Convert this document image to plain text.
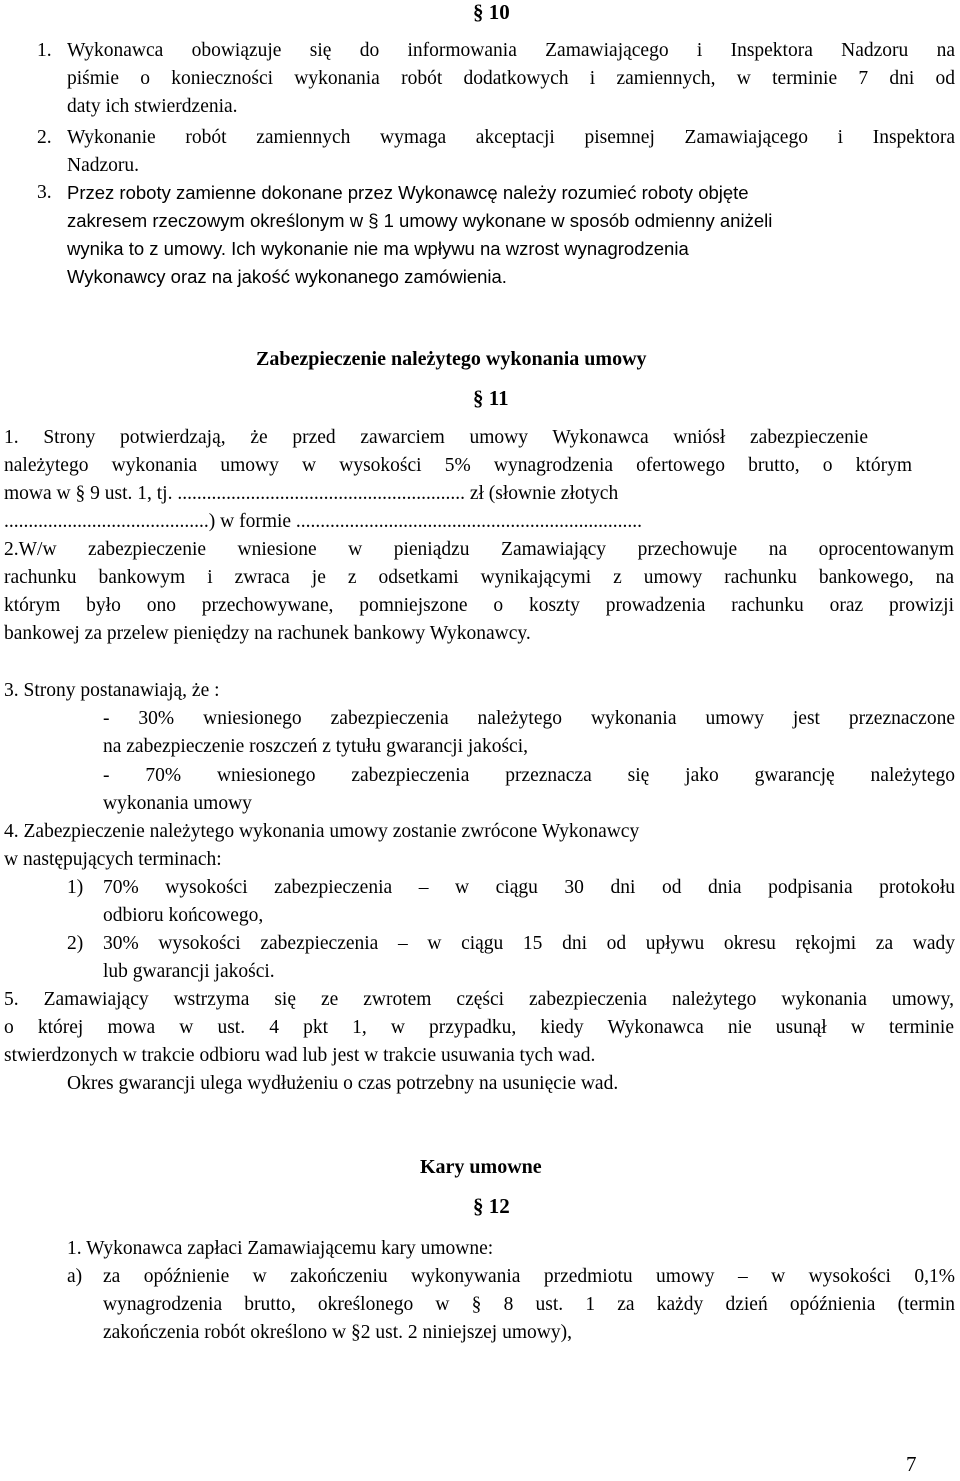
§ 10
1. Wykonawca obowiązuje się do informowania Zamawiającego i Inspektora Nadzoru na
piśmie o konieczności wykonania robót dodatkowych i zamiennych, w terminie 7 dni od
daty ich stwierdzenia.
2. Wykonanie robót zamiennych wymaga akceptacji pisemnej Zamawiającego i Inspektora
Nadzoru.
3. Przez roboty zamienne dokonane przez Wykonawcę należy rozumieć roboty objęte
zakresem rzeczowym określonym w § 1 umowy wykonane w sposób odmienny aniżeli
wynika to z umowy. Ich wykonanie nie ma wpływu na wzrost wynagrodzenia
Wykonawcy oraz na jakość wykonanego zamówienia.
Zabezpieczenie należytego wykonania umowy
§ 11
1. Strony potwierdzają, że przed zawarciem umowy Wykonawca wniósł zabezpieczenie
należytego wykonania umowy w wysokości 5% wynagrodzenia ofertowego brutto, o którym
mowa w § 9 ust. 1, tj. ........................................................... zł (słownie złotych
..........................................) w formie .......................................................................
2.W/w zabezpieczenie wniesione w pieniądzu Zamawiający przechowuje na oprocentowanym
rachunku bankowym i zwraca je z odsetkami wynikającymi z umowy rachunku bankowego, na
którym było ono przechowywane, pomniejszone o koszty prowadzenia rachunku oraz prowizji
bankowej za przelew pieniędzy na rachunek bankowy Wykonawcy.
3. Strony postanawiają, że :
- 30% wniesionego zabezpieczenia należytego wykonania umowy jest przeznaczone
na zabezpieczenie roszczeń z tytułu gwarancji jakości,
- 70% wniesionego zabezpieczenia przeznacza się jako gwarancję należytego
wykonania umowy
4. Zabezpieczenie należytego wykonania umowy zostanie zwrócone Wykonawcy
w następujących terminach:
1) 70% wysokości zabezpieczenia – w ciągu 30 dni od dnia podpisania protokołu
odbioru końcowego,
2) 30% wysokości zabezpieczenia – w ciągu 15 dni od upływu okresu rękojmi za wady
lub gwarancji jakości.
5. Zamawiający wstrzyma się ze zwrotem części zabezpieczenia należytego wykonania umowy,
o której mowa w ust. 4 pkt 1, w przypadku, kiedy Wykonawca nie usunął w terminie
stwierdzonych w trakcie odbioru wad lub jest w trakcie usuwania tych wad.
Okres gwarancji ulega wydłużeniu o czas potrzebny na usunięcie wad.
Kary umowne
§ 12
1. Wykonawca zapłaci Zamawiającemu kary umowne:
a) za opóźnienie w zakończeniu wykonywania przedmiotu umowy – w wysokości 0,1%
wynagrodzenia brutto, określonego w § 8 ust. 1 za każdy dzień opóźnienia (termin
zakończenia robót określono w §2 ust. 2 niniejszej umowy),
7
